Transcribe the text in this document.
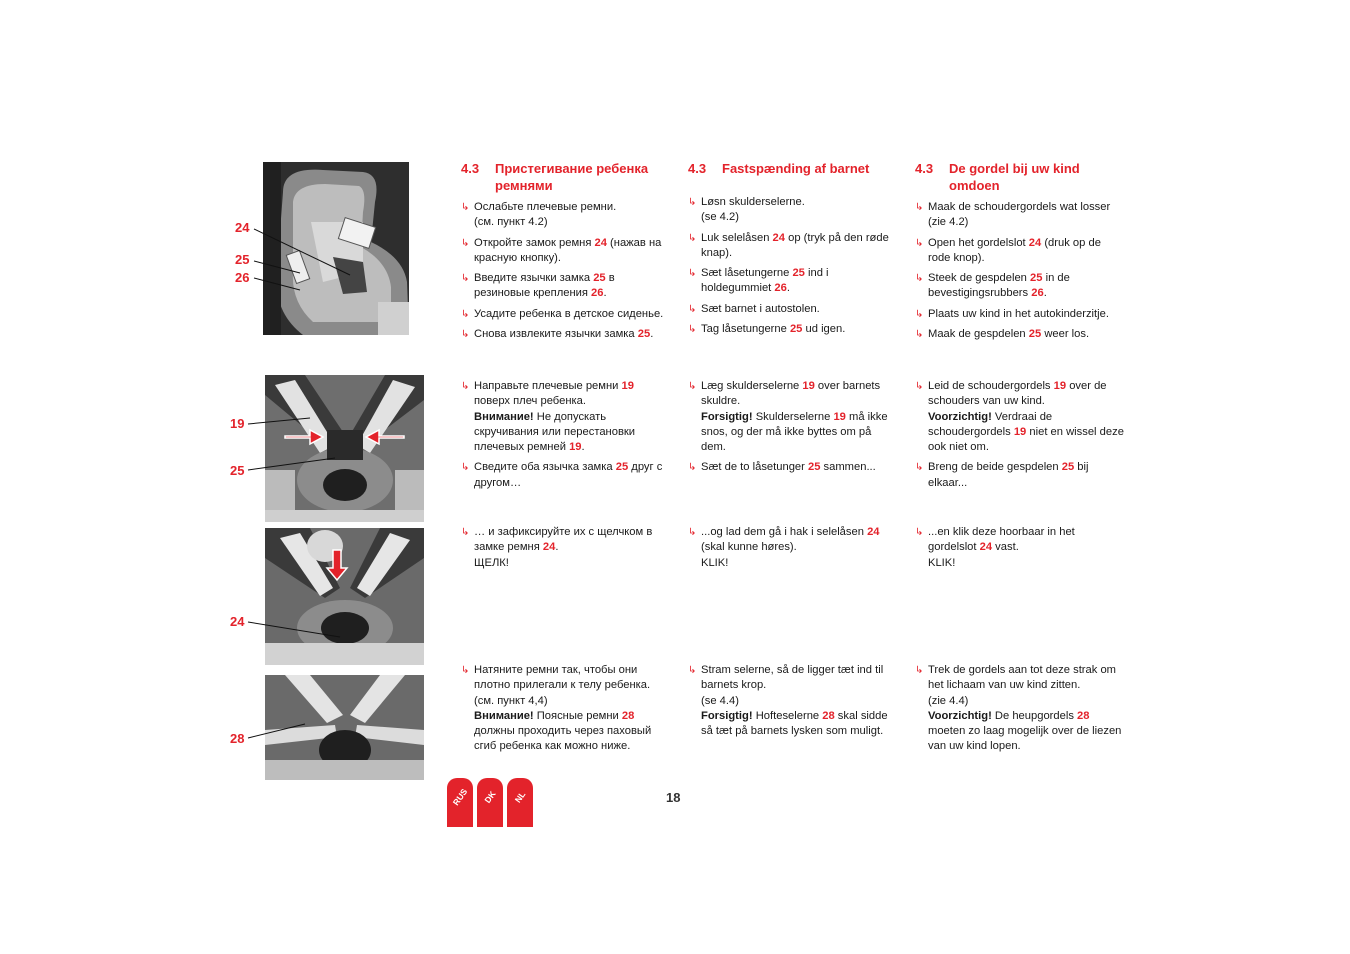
24
25
26
19
25
24
28
4.3	Пристегивание ребенка ремнями
↳ Ослабьте плечевые ремни.
(см. пункт 4.2)
↳ Откройте замок ремня 24 (нажав на красную кнопку).
↳ Введите язычки замка 25 в резиновые крепления 26.
↳ Усадите ребенка в детское сиденье.
↳ Снова извлеките язычки замка 25.
↳ Направьте плечевые ремни 19 поверх плеч ребенка.
Внимание! Не допускать скручивания или перестановки плечевых ремней 19.
↳ Сведите оба язычка замка 25 друг с другом…
↳ … и зафиксируйте их с щелчком в замке ремня 24.
ЩЕЛК!
↳ Натяните ремни так, чтобы они плотно прилегали к телу ребенка.
(см. пункт 4,4)
Внимание! Поясные ремни 28 должны проходить через паховый сгиб ребенка как можно ниже.
4.3	Fastspænding af barnet
↳ Løsn skulderselerne.
(se 4.2)
↳ Luk selelåsen 24 op (tryk på den røde knap).
↳ Sæt låsetungerne 25 ind i holdegummiet 26.
↳ Sæt barnet i autostolen.
↳ Tag låsetungerne 25 ud igen.
↳ Læg skulderselerne 19 over barnets skuldre.
Forsigtig! Skulderselerne 19 må ikke snos, og der må ikke byttes om på dem.
↳ Sæt de to låsetunger 25 sammen...
↳ ...og lad dem gå i hak i selelåsen 24 (skal kunne høres).
KLIK!
↳ Stram selerne, så de ligger tæt ind til barnets krop.
(se 4.4)
Forsigtig! Hofteselerne 28 skal sidde så tæt på barnets lysken som muligt.
4.3	De gordel bij uw kind omdoen
↳ Maak de schoudergordels wat losser
(zie 4.2)
↳ Open het gordelslot 24 (druk op de rode knop).
↳ Steek de gespdelen 25 in de bevestigingsrubbers 26.
↳ Plaats uw kind in het autokinderzitje.
↳ Maak de gespdelen 25 weer los.
↳ Leid de schoudergordels 19 over de schouders van uw kind.
Voorzichtig! Verdraai de schoudergordels 19 niet en wissel deze ook niet om.
↳ Breng de beide gespdelen 25 bij elkaar...
↳ ...en klik deze hoorbaar in het gordelslot 24 vast.
KLIK!
↳ Trek de gordels aan tot deze strak om het lichaam van uw kind zitten.
(zie 4.4)
Voorzichtig! De heupgordels 28 moeten zo laag mogelijk over de liezen van uw kind lopen.
RUS	DK	NL	18
